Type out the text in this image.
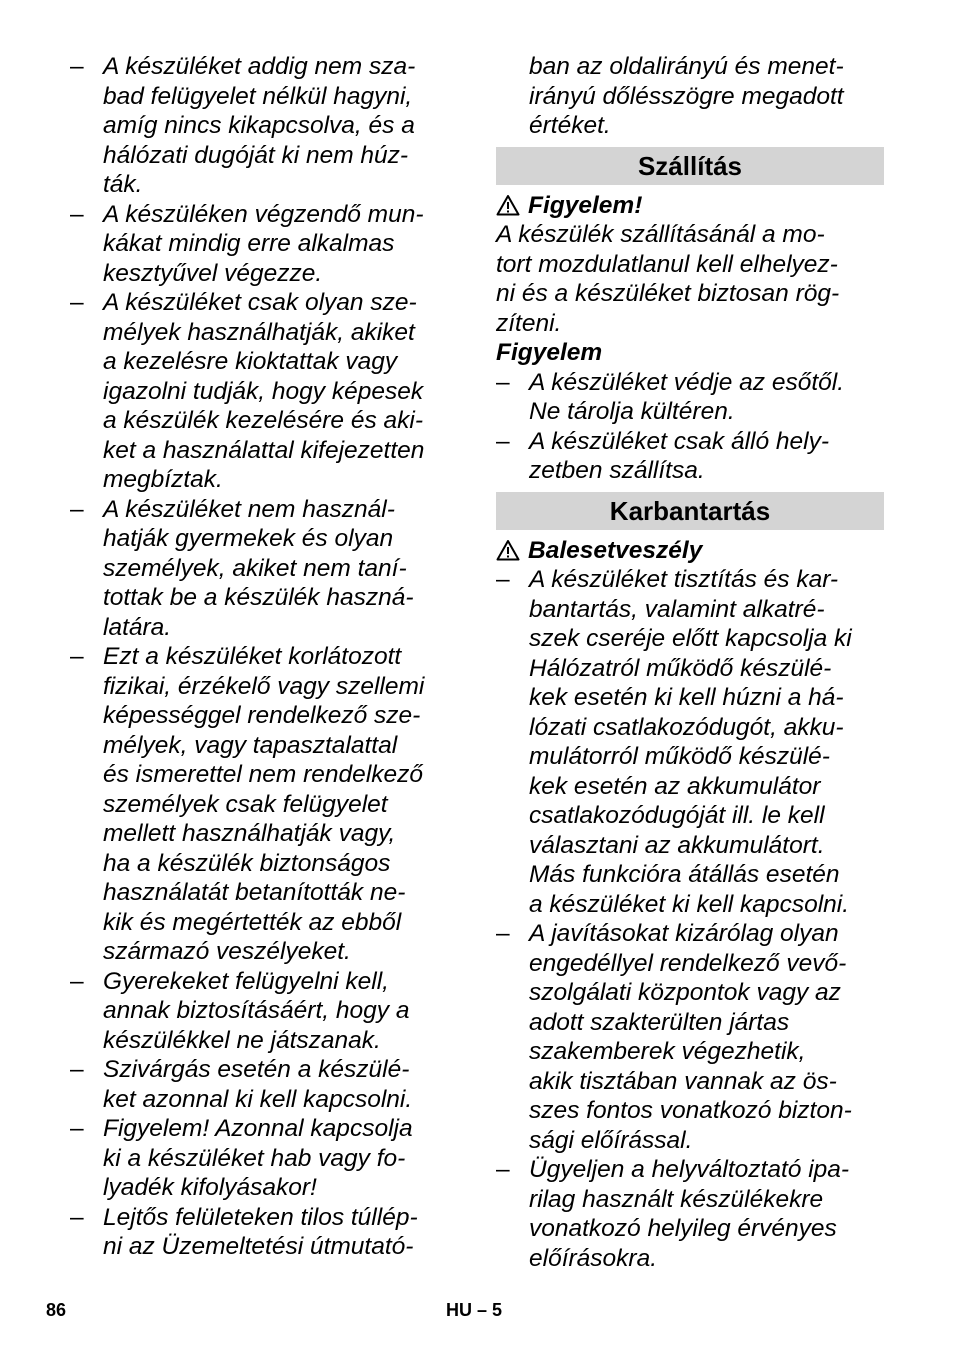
– A készüléket addig nem sza-
bad felügyelet nélkül hagyni,
amíg nincs kikapcsolva, és a
hálózati dugóját ki nem húz-
ták.
– A készüléken végzendő mun-
kákat mindig erre alkalmas
kesztyűvel végezze.
– A készüléket csak olyan sze-
mélyek használhatják, akiket
a kezelésre kioktattak vagy
igazolni tudják, hogy képesek
a készülék kezelésére és aki-
ket a használattal kifejezetten
megbíztak.
– A készüléket nem használ-
hatják gyermekek és olyan
személyek, akiket nem taní-
tottak be a készülék haszná-
latára.
– Ezt a készüléket korlátozott
fizikai, érzékelő vagy szellemi
képességgel rendelkező sze-
mélyek, vagy tapasztalattal
és ismerettel nem rendelkező
személyek csak felügyelet
mellett használhatják vagy,
ha a készülék biztonságos
használatát betanították ne-
kik és megértették az ebből
származó veszélyeket.
– Gyerekeket felügyelni kell,
annak biztosításáért, hogy a
készülékkel ne játszanak.
– Szivárgás esetén a készülé-
ket azonnal ki kell kapcsolni.
– Figyelem! Azonnal kapcsolja
ki a készüléket hab vagy fo-
lyadék kifolyásakor!
– Lejtős felületeken tilos túllép-
ni az Üzemeltetési útmutató-
ban az oldalirányú és menet-
irányú dőlésszögre megadott
értéket.
Szállítás
Figyelem!
A készülék szállításánál a mo-
tort mozdulatlanul kell elhelyez-
ni és a készüléket biztosan rög-
zíteni.
Figyelem
– A készüléket védje az esőtől.
Ne tárolja kültéren.
– A készüléket csak álló hely-
zetben szállítsa.
Karbantartás
Balesetveszély
– A készüléket tisztítás és kar-
bantartás, valamint alkatré-
szek cseréje előtt kapcsolja ki
Hálózatról működő készülé-
kek esetén ki kell húzni a há-
lózati csatlakozódugót, akku-
mulátorról működő készülé-
kek esetén az akkumulátor
csatlakozódugóját ill. le kell
választani az akkumulátort.
Más funkcióra átállás esetén
a készüléket ki kell kapcsolni.
– A javításokat kizárólag olyan
engedéllyel rendelkező vevő-
szolgálati központok vagy az
adott szakterülten jártas
szakemberek végezhetik,
akik tisztában vannak az ös-
szes fontos vonatkozó bizton-
sági előírással.
– Ügyeljen a helyváltoztató ipa-
rilag használt készülékekre
vonatkozó helyileg érvényes
előírásokra.
86	HU – 5
